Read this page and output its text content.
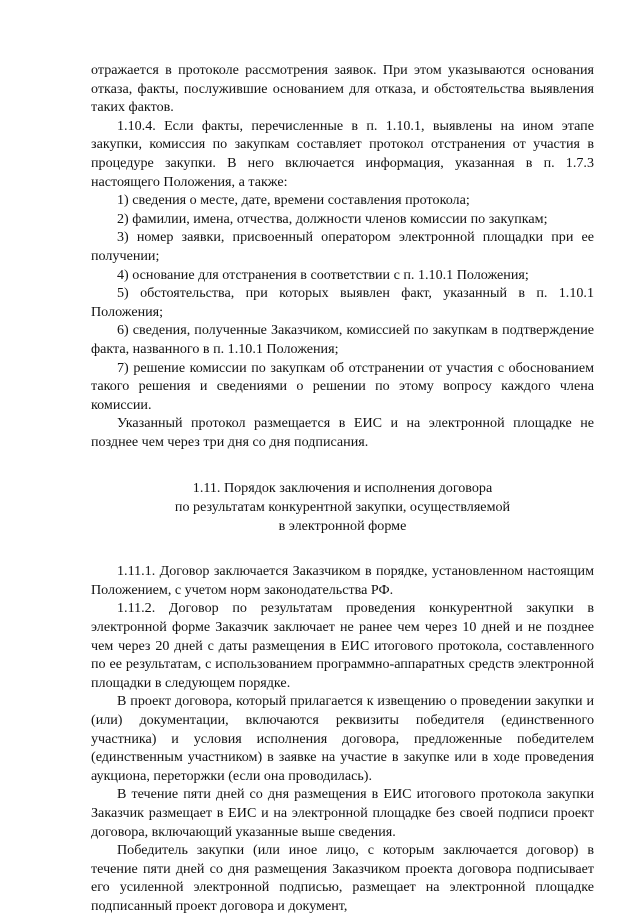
отражается в протоколе рассмотрения заявок. При этом указываются основания отказа, факты, послужившие основанием для отказа, и обстоятельства выявления таких фактов.

1.10.4. Если факты, перечисленные в п. 1.10.1, выявлены на ином этапе закупки, комиссия по закупкам составляет протокол отстранения от участия в процедуре закупки. В него включается информация, указанная в п. 1.7.3 настоящего Положения, а также:

1) сведения о месте, дате, времени составления протокола;

2) фамилии, имена, отчества, должности членов комиссии по закупкам;

3) номер заявки, присвоенный оператором электронной площадки при ее получении;

4) основание для отстранения в соответствии с п. 1.10.1 Положения;

5) обстоятельства, при которых выявлен факт, указанный в п. 1.10.1 Положения;

6) сведения, полученные Заказчиком, комиссией по закупкам в подтверждение факта, названного в п. 1.10.1 Положения;

7) решение комиссии по закупкам об отстранении от участия с обоснованием такого решения и сведениями о решении по этому вопросу каждого члена комиссии.

Указанный протокол размещается в ЕИС и на электронной площадке не позднее чем через три дня со дня подписания.

1.11. Порядок заключения и исполнения договора
по результатам конкурентной закупки, осуществляемой
в электронной форме

1.11.1. Договор заключается Заказчиком в порядке, установленном настоящим Положением, с учетом норм законодательства РФ.

1.11.2. Договор по результатам проведения конкурентной закупки в электронной форме Заказчик заключает не ранее чем через 10 дней и не позднее чем через 20 дней с даты размещения в ЕИС итогового протокола, составленного по ее результатам, с использованием программно-аппаратных средств электронной площадки в следующем порядке.

В проект договора, который прилагается к извещению о проведении закупки и (или) документации, включаются реквизиты победителя (единственного участника) и условия исполнения договора, предложенные победителем (единственным участником) в заявке на участие в закупке или в ходе проведения аукциона, переторжки (если она проводилась).

В течение пяти дней со дня размещения в ЕИС итогового протокола закупки Заказчик размещает в ЕИС и на электронной площадке без своей подписи проект договора, включающий указанные выше сведения.

Победитель закупки (или иное лицо, с которым заключается договор) в течение пяти дней со дня размещения Заказчиком проекта договора подписывает его усиленной электронной подписью, размещает на электронной площадке подписанный проект договора и документ,
